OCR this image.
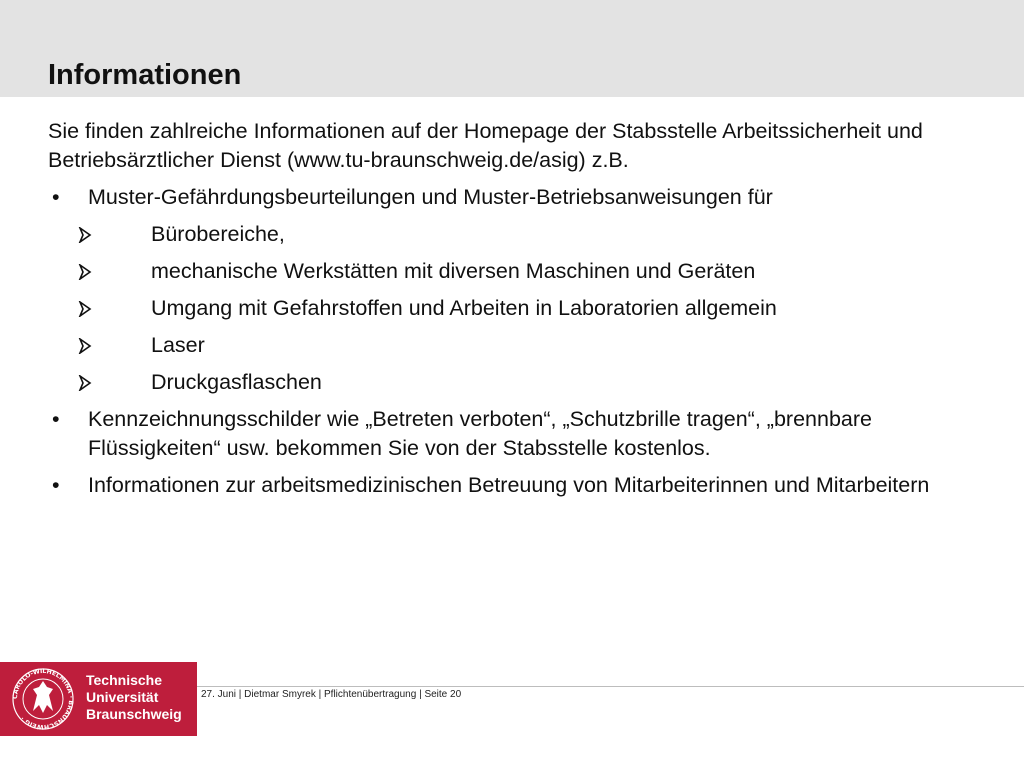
Informationen

Sie finden zahlreiche Informationen auf der Homepage der Stabsstelle Arbeitssicherheit und Betriebsärztlicher Dienst (www.tu-braunschweig.de/asig) z.B.

•	Muster-Gefährdungsbeurteilungen und Muster-Betriebsanweisungen für
Bürobereiche,
mechanische Werkstätten mit diversen Maschinen und Geräten
Umgang mit Gefahrstoffen und Arbeiten in Laboratorien allgemein
Laser
Druckgasflaschen
•	Kennzeichnungsschilder wie „Betreten verboten“, „Schutzbrille tragen“, „brennbare Flüssigkeiten“ usw. bekommen Sie von der Stabsstelle kostenlos.
•	Informationen zur arbeitsmedizinischen Betreuung von Mitarbeiterinnen und Mitarbeitern
CAROLO-WILHELMINA · BRAUNSCHWEIG ·
Technische
Universität
Braunschweig
27. Juni | Dietmar Smyrek | Pflichtenübertragung | Seite 20
